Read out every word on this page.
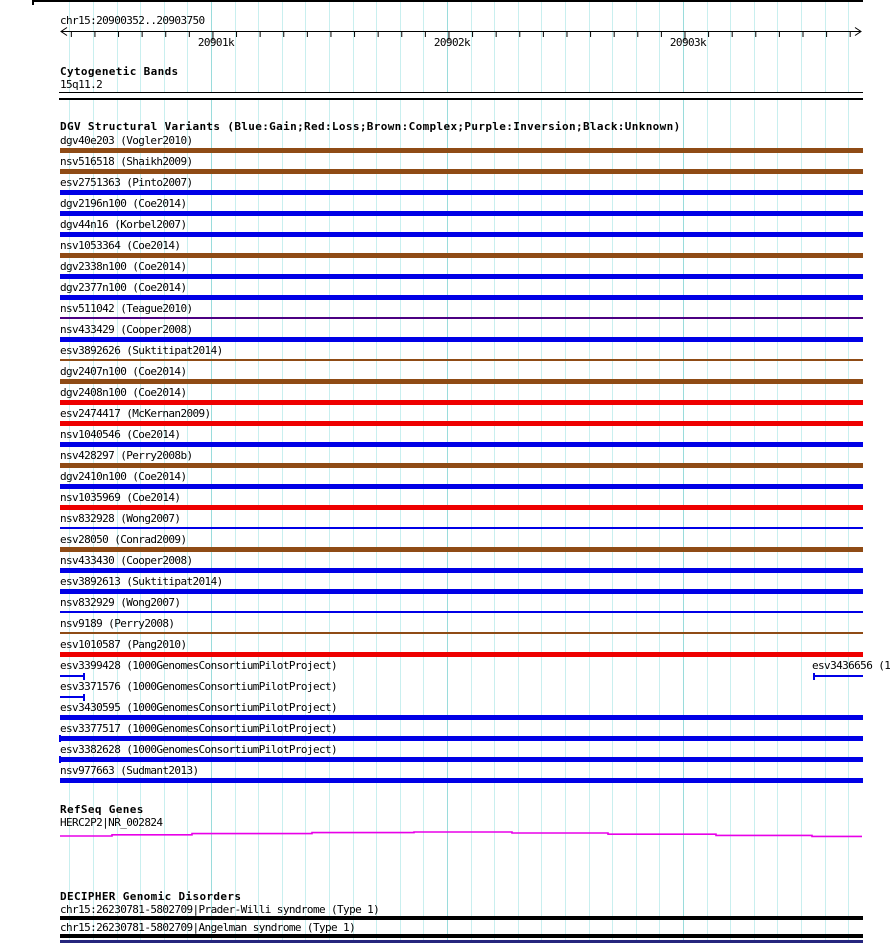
chr15:20900352..20903750
20901k	20902k	20903k
Cytogenetic Bands
15q11.2
DGV Structural Variants (Blue:Gain;Red:Loss;Brown:Complex;Purple:Inversion;Black:Unknown)
dgv40e203 (Vogler2010)
nsv516518 (Shaikh2009)
esv2751363 (Pinto2007)
dgv2196n100 (Coe2014)
dgv44n16 (Korbel2007)
nsv1053364 (Coe2014)
dgv2338n100 (Coe2014)
dgv2377n100 (Coe2014)
nsv511042 (Teague2010)
nsv433429 (Cooper2008)
esv3892626 (Suktitipat2014)
dgv2407n100 (Coe2014)
dgv2408n100 (Coe2014)
esv2474417 (McKernan2009)
nsv1040546 (Coe2014)
nsv428297 (Perry2008b)
dgv2410n100 (Coe2014)
nsv1035969 (Coe2014)
nsv832928 (Wong2007)
esv28050 (Conrad2009)
nsv433430 (Cooper2008)
esv3892613 (Suktitipat2014)
nsv832929 (Wong2007)
nsv9189 (Perry2008)
esv1010587 (Pang2010)
esv3399428 (1000GenomesConsortiumPilotProject)	esv3436656 (1
esv3371576 (1000GenomesConsortiumPilotProject)
esv3430595 (1000GenomesConsortiumPilotProject)
esv3377517 (1000GenomesConsortiumPilotProject)
esv3382628 (1000GenomesConsortiumPilotProject)
nsv977663 (Sudmant2013)
RefSeq Genes
HERC2P2|NR_002824
DECIPHER Genomic Disorders
chr15:26230781-5802709|Prader-Willi syndrome (Type 1)
chr15:26230781-5802709|Angelman syndrome (Type 1)
